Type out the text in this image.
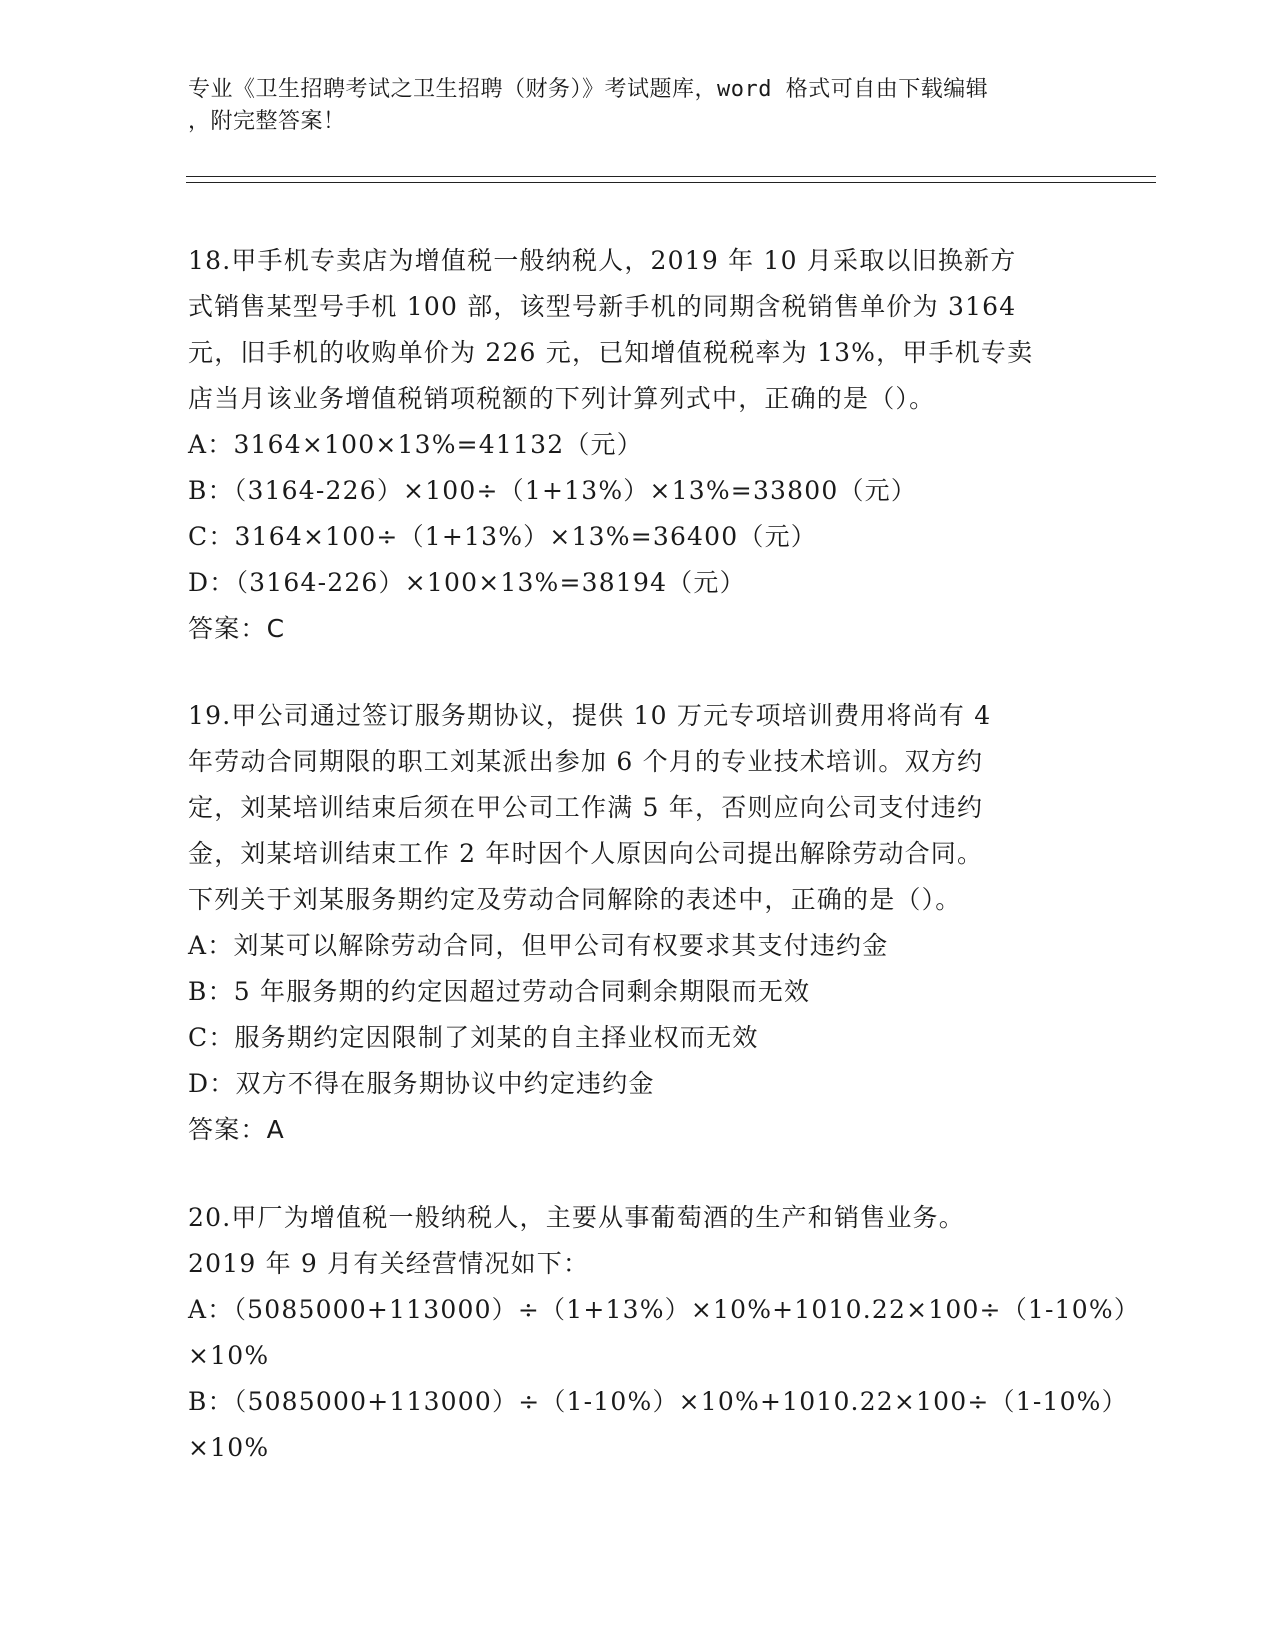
专业《卫生招聘考试之卫生招聘（财务）》考试题库，word 格式可自由下载编辑
，附完整答案！
18.甲手机专卖店为增值税一般纳税人，2019 年 10 月采取以旧换新方
式销售某型号手机 100 部，该型号新手机的同期含税销售单价为 3164
元，旧手机的收购单价为 226 元，已知增值税税率为 13%，甲手机专卖
店当月该业务增值税销项税额的下列计算列式中，正确的是（）。
A：3164×100×13%=41132（元）
B：（3164-226）×100÷（1+13%）×13%=33800（元）
C：3164×100÷（1+13%）×13%=36400（元）
D：（3164-226）×100×13%=38194（元）
答案：C
19.甲公司通过签订服务期协议，提供 10 万元专项培训费用将尚有 4
年劳动合同期限的职工刘某派出参加 6 个月的专业技术培训。双方约
定，刘某培训结束后须在甲公司工作满 5 年，否则应向公司支付违约
金，刘某培训结束工作 2 年时因个人原因向公司提出解除劳动合同。
下列关于刘某服务期约定及劳动合同解除的表述中，正确的是（）。
A：刘某可以解除劳动合同，但甲公司有权要求其支付违约金
B：5 年服务期的约定因超过劳动合同剩余期限而无效
C：服务期约定因限制了刘某的自主择业权而无效
D：双方不得在服务期协议中约定违约金
答案：A
20.甲厂为增值税一般纳税人，主要从事葡萄酒的生产和销售业务。
2019 年 9 月有关经营情况如下：
A：（5085000+113000）÷（1+13%）×10%+1010.22×100÷（1-10%）
×10%
B：（5085000+113000）÷（1-10%）×10%+1010.22×100÷（1-10%）
×10%
